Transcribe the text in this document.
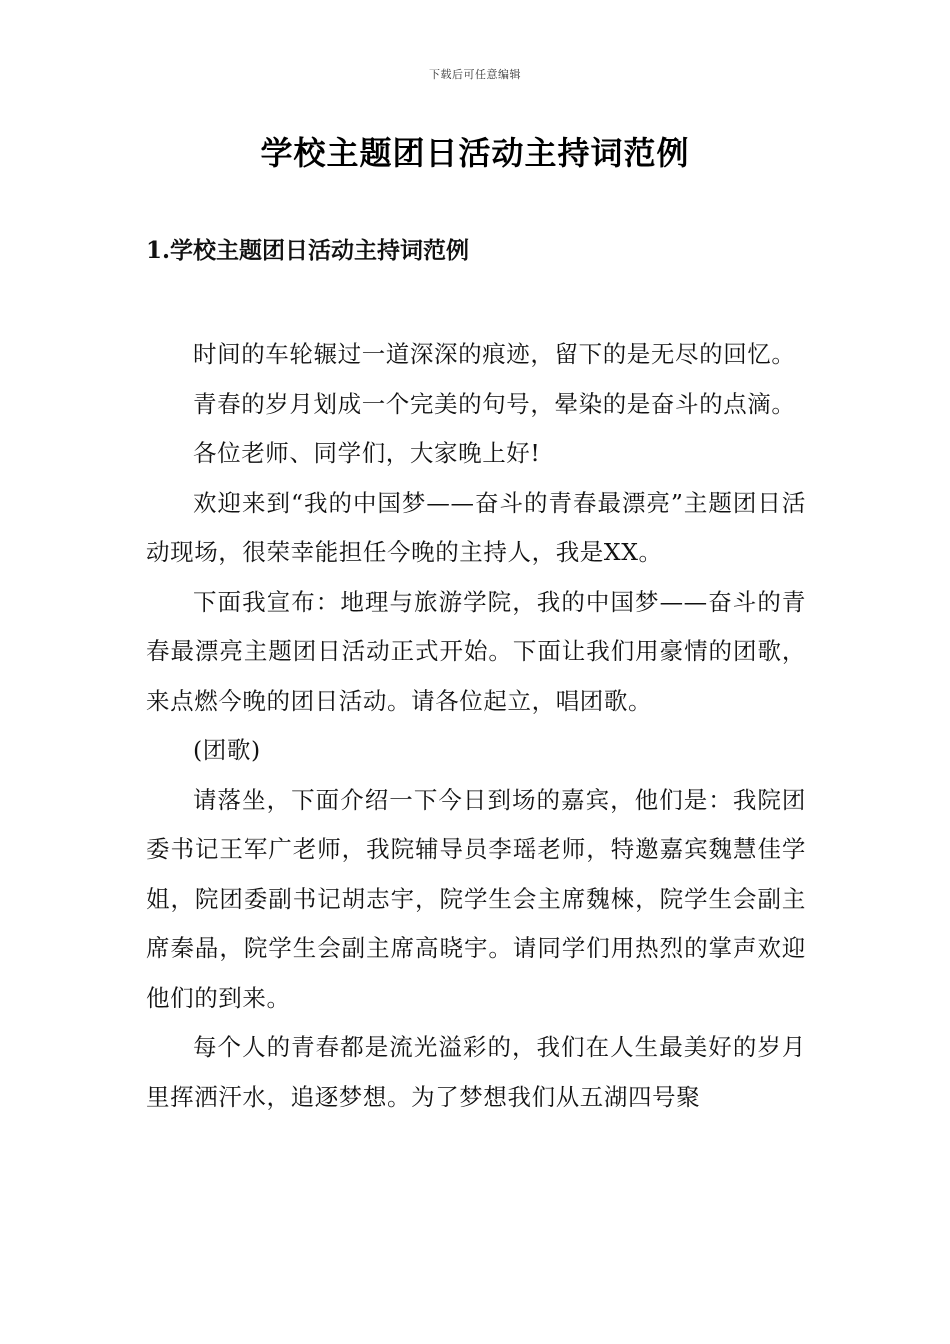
下载后可任意编辑
学校主题团日活动主持词范例
1.学校主题团日活动主持词范例

时间的车轮辗过一道深深的痕迹，留下的是无尽的回忆。

青春的岁月划成一个完美的句号，晕染的是奋斗的点滴。

各位老师、同学们，大家晚上好!

欢迎来到“我的中国梦——奋斗的青春最漂亮”主题团日活动现场，很荣幸能担任今晚的主持人，我是XX。

下面我宣布：地理与旅游学院，我的中国梦——奋斗的青春最漂亮主题团日活动正式开始。下面让我们用豪情的团歌，来点燃今晚的团日活动。请各位起立，唱团歌。

(团歌)

请落坐，下面介绍一下今日到场的嘉宾，他们是：我院团委书记王军广老师，我院辅导员李瑶老师，特邀嘉宾魏慧佳学姐，院团委副书记胡志宇，院学生会主席魏棶，院学生会副主席秦晶，院学生会副主席高晓宇。请同学们用热烈的掌声欢迎他们的到来。

每个人的青春都是流光溢彩的，我们在人生最美好的岁月里挥洒汗水，追逐梦想。为了梦想我们从五湖四号聚
